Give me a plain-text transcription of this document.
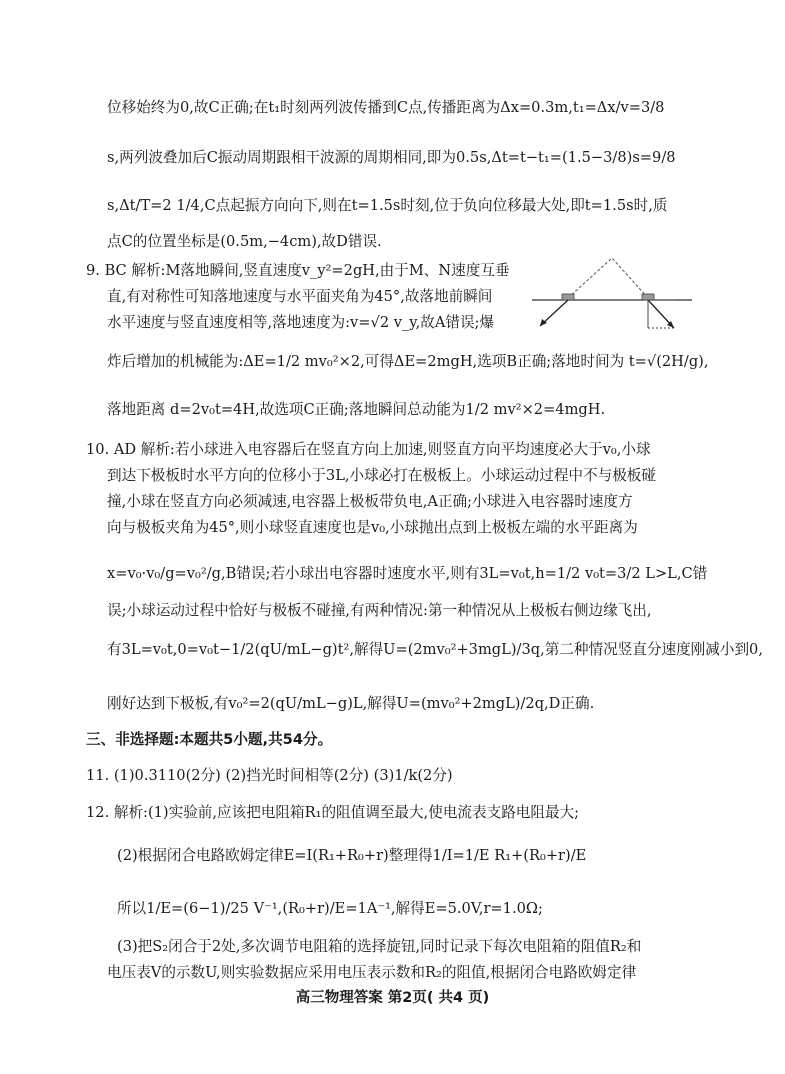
位移始终为0,故C正确;在t₁时刻两列波传播到C点,传播距离为Δx=0.3m,t₁=Δx/v=3/8
s,两列波叠加后C振动周期跟相干波源的周期相同,即为0.5s,Δt=t−t₁=(1.5−3/8)s=9/8
s,Δt/T=2 1/4,C点起振方向向下,则在t=1.5s时刻,位于负向位移最大处,即t=1.5s时,质
点C的位置坐标是(0.5m,−4cm),故D错误.
9. BC 解析:M落地瞬间,竖直速度v_y²=2gH,由于M、N速度互垂
直,有对称性可知落地速度与水平面夹角为45°,故落地前瞬间
水平速度与竖直速度相等,落地速度为:v=√2 v_y,故A错误;爆
炸后增加的机械能为:ΔE=1/2 mv₀²×2,可得ΔE=2mgH,选项B正确;落地时间为 t=√(2H/g),
落地距离 d=2v₀t=4H,故选项C正确;落地瞬间总动能为1/2 mv²×2=4mgH.
10. AD 解析:若小球进入电容器后在竖直方向上加速,则竖直方向平均速度必大于v₀,小球
到达下极板时水平方向的位移小于3L,小球必打在极板上。小球运动过程中不与极板碰
撞,小球在竖直方向必须减速,电容器上极板带负电,A正确;小球进入电容器时速度方
向与极板夹角为45°,则小球竖直速度也是v₀,小球抛出点到上极板左端的水平距离为
x=v₀·v₀/g=v₀²/g,B错误;若小球出电容器时速度水平,则有3L=v₀t,h=1/2 v₀t=3/2 L>L,C错
误;小球运动过程中恰好与极板不碰撞,有两种情况:第一种情况从上极板右侧边缘飞出,
有3L=v₀t,0=v₀t−1/2(qU/mL−g)t²,解得U=(2mv₀²+3mgL)/3q,第二种情况竖直分速度刚减小到0,
刚好达到下极板,有v₀²=2(qU/mL−g)L,解得U=(mv₀²+2mgL)/2q,D正确.
三、非选择题:本题共5小题,共54分。
11. (1)0.3110(2分) (2)挡光时间相等(2分) (3)1/k(2分)
12. 解析:(1)实验前,应该把电阻箱R₁的阻值调至最大,使电流表支路电阻最大;
(2)根据闭合电路欧姆定律E=I(R₁+R₀+r)整理得1/I=1/E R₁+(R₀+r)/E
所以1/E=(6−1)/25 V⁻¹,(R₀+r)/E=1A⁻¹,解得E=5.0V,r=1.0Ω;
(3)把S₂闭合于2处,多次调节电阻箱的选择旋钮,同时记录下每次电阻箱的阻值R₂和
电压表V的示数U,则实验数据应采用电压表示数和R₂的阻值,根据闭合电路欧姆定律
高三物理答案 第2页( 共4 页)
